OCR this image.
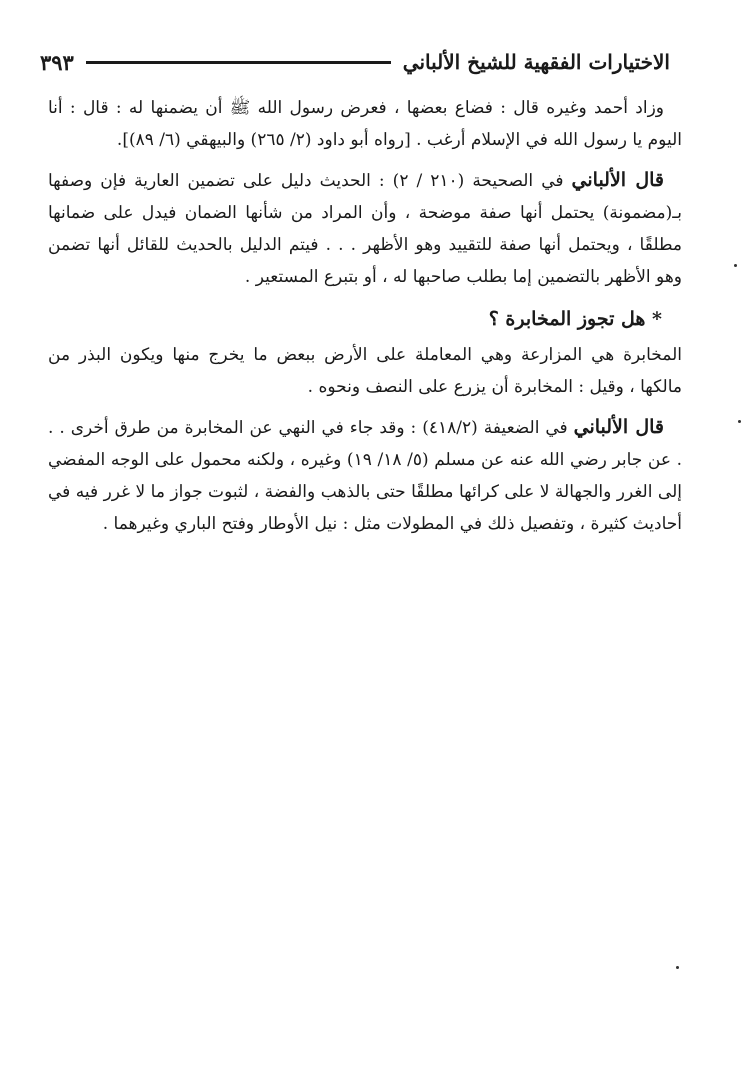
الاختيارات الفقهية للشيخ الألباني
٣٩٣

وزاد أحمد وغيره قال : فضاع بعضها ، فعرض رسول الله ﷺ أن يضمنها له : قال : أنا اليوم يا رسول الله في الإسلام أرغب . [رواه أبو داود (٢/ ٢٦٥) والبيهقي (٦/ ٨٩)].

قال الألباني في الصحيحة (٢١٠ / ٢) : الحديث دليل على تضمين العارية فإن وصفها بـ(مضمونة) يحتمل أنها صفة موضحة ، وأن المراد من شأنها الضمان فيدل على ضمانها مطلقًا ، ويحتمل أنها صفة للتقييد وهو الأظهر . . . فيتم الدليل بالحديث للقائل أنها تضمن وهو الأظهر بالتضمين إما بطلب صاحبها له ، أو بتبرع المستعير .

* هل تجوز المخابرة ؟

المخابرة هي المزارعة وهي المعاملة على الأرض ببعض ما يخرج منها ويكون البذر من مالكها ، وقيل : المخابرة أن يزرع على النصف ونحوه .

قال الألباني في الضعيفة (٤١٨/٢) : وقد جاء في النهي عن المخابرة من طرق أخرى . . . عن جابر رضي الله عنه عن مسلم (٥/ ١٨/ ١٩) وغيره ، ولكنه محمول على الوجه المفضي إلى الغرر والجهالة لا على كرائها مطلقًا حتى بالذهب والفضة ، لثبوت جواز ما لا غرر فيه في أحاديث كثيرة ، وتفصيل ذلك في المطولات مثل : نيل الأوطار وفتح الباري وغيرهما .
